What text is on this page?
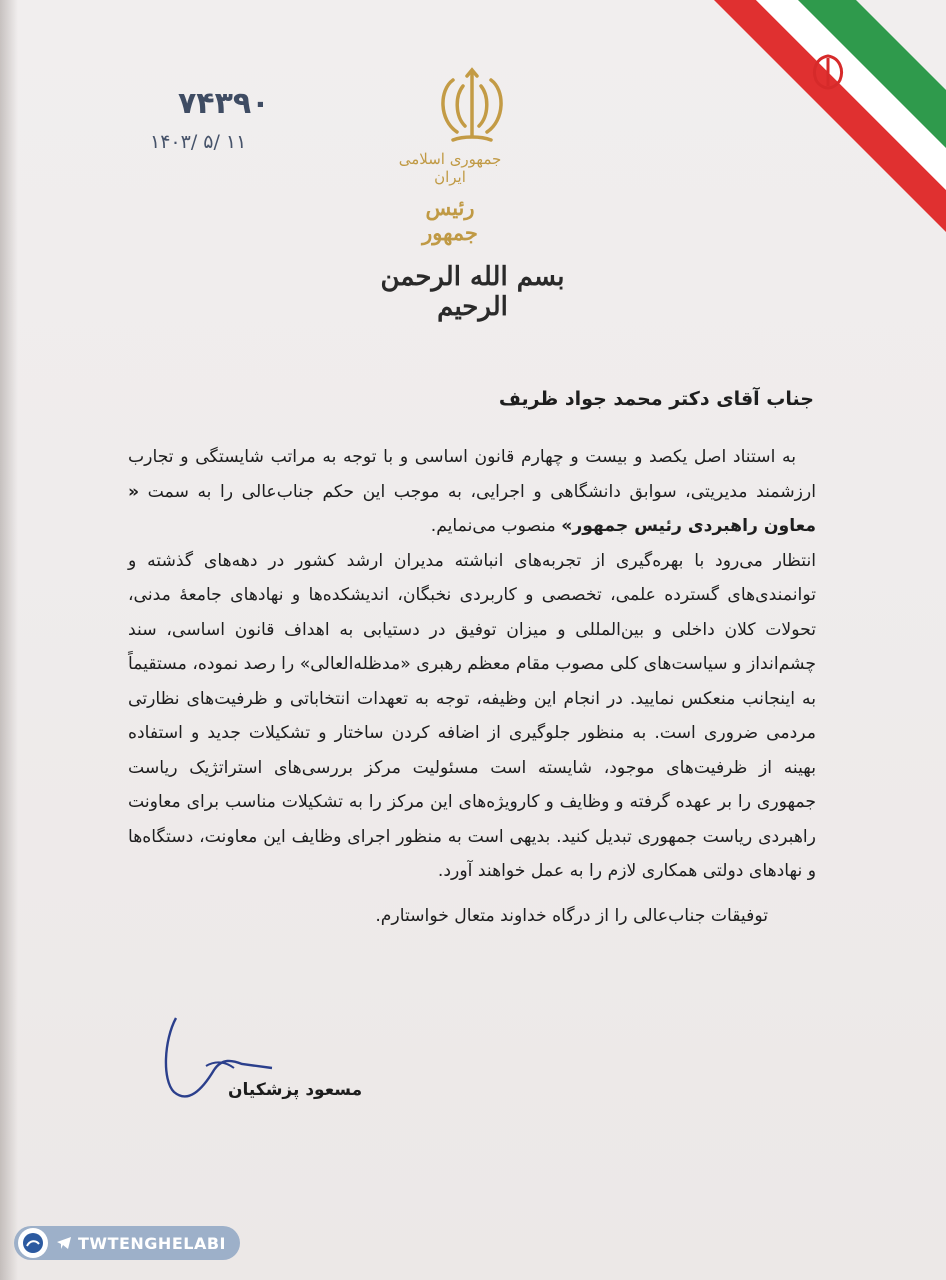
۷۴۳۹۰
۱۴۰۳/ ۵/ ۱۱
جمهوری اسلامی ایران
رئیس جمهور
بسم الله الرحمن الرحیم
جناب آقای دکتر محمد جواد ظریف
به استناد اصل یکصد و بیست و چهارم قانون اساسی و با توجه به مراتب شایستگی و تجارب ارزشمند مدیریتی، سوابق دانشگاهی و اجرایی، به موجب این حکم جناب‌عالی را به سمت « معاون راهبردی رئیس جمهور» منصوب می‌نمایم.
انتظار می‌رود با بهره‌گیری از تجربه‌های انباشته مدیران ارشد کشور در دهه‌های گذشته و توانمندی‌های گسترده علمی، تخصصی و کاربردی نخبگان، اندیشکده‌ها و نهادهای جامعهٔ مدنی، تحولات کلان داخلی و بین‌المللی و میزان توفیق در دستیابی به اهداف قانون اساسی، سند چشم‌انداز و سیاست‌های کلی مصوب مقام معظم رهبری «مدظله‌العالی» را رصد نموده، مستقیماً به اینجانب منعکس نمایید. در انجام این وظیفه، توجه به تعهدات انتخاباتی و ظرفیت‌های نظارتی مردمی ضروری است. به منظور جلوگیری از اضافه کردن ساختار و تشکیلات جدید و استفاده بهینه از ظرفیت‌های موجود، شایسته است مسئولیت مرکز بررسی‌های استراتژیک ریاست جمهوری را بر عهده گرفته و وظایف و کارویژه‌های این مرکز را به تشکیلات مناسب برای معاونت راهبردی ریاست جمهوری تبدیل کنید. بدیهی است به منظور اجرای وظایف این معاونت، دستگاه‌ها و نهادهای دولتی همکاری لازم را به عمل خواهند آورد.
توفیقات جناب‌عالی را از درگاه خداوند متعال خواستارم.
مسعود پزشکیان
TWTENGHELABI
